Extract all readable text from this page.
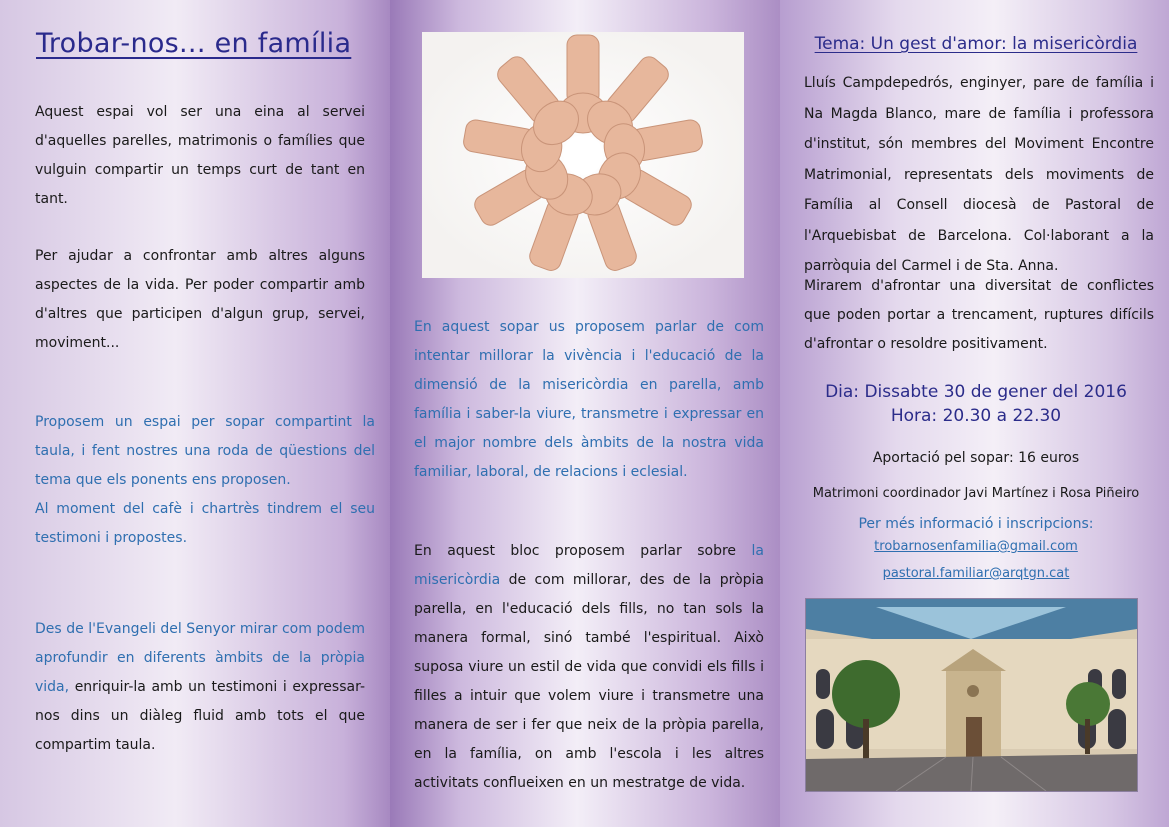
Trobar-nos... en família
Aquest espai vol ser una eina al servei d'aquelles parelles, matrimonis o famílies que vulguin compartir un temps curt de tant en tant.
Per ajudar a confrontar amb altres alguns aspectes de la vida. Per poder compartir amb d'altres que participen d'algun grup, servei, moviment...
Proposem un espai per sopar compartint la taula, i fent nostres una roda de qüestions del tema que els ponents ens proposen.
Al moment del cafè i chartrès tindrem el seu testimoni i propostes.
Des de l'Evangeli del Senyor mirar com podem aprofundir en diferents àmbits de la pròpia vida, enriquir-la amb un testimoni i expressar-nos dins un diàleg fluid amb tots el que compartim taula.
En aquest sopar us proposem parlar de com intentar millorar la vivència i l'educació de la dimensió de la misericòrdia en parella, amb família i saber-la viure, transmetre i expressar en el major nombre dels àmbits de la nostra vida familiar, laboral, de relacions i eclesial.
En aquest bloc proposem parlar sobre la misericòrdia de com millorar, des de la pròpia parella, en l'educació dels fills, no tan sols la manera formal, sinó també l'espiritual. Això suposa viure un estil de vida que convidi els fills i filles a intuir que volem viure i transmetre una manera de ser i fer que neix de la pròpia parella, en la família, on amb l'escola i les altres activitats conflueixen en un mestratge de vida.
Tema: Un gest d'amor: la misericòrdia
Lluís Campdepedrós, enginyer, pare de família i Na Magda Blanco, mare de família i professora d'institut, són membres del Moviment Encontre Matrimonial, representats dels moviments de Família al Consell diocesà de Pastoral de l'Arquebisbat de Barcelona. Col·laborant a la parròquia del Carmel i de Sta. Anna.
Mirarem d'afrontar una diversitat de conflictes que poden portar a trencament, ruptures difícils d'afrontar o resoldre positivament.
Dia: Dissabte 30 de gener del 2016
Hora: 20.30 a 22.30
Aportació pel sopar: 16 euros
Matrimoni coordinador Javi Martínez i Rosa Piñeiro
Per més informació i inscripcions:
trobarnosenfamilia@gmail.com
pastoral.familiar@arqtgn.cat
